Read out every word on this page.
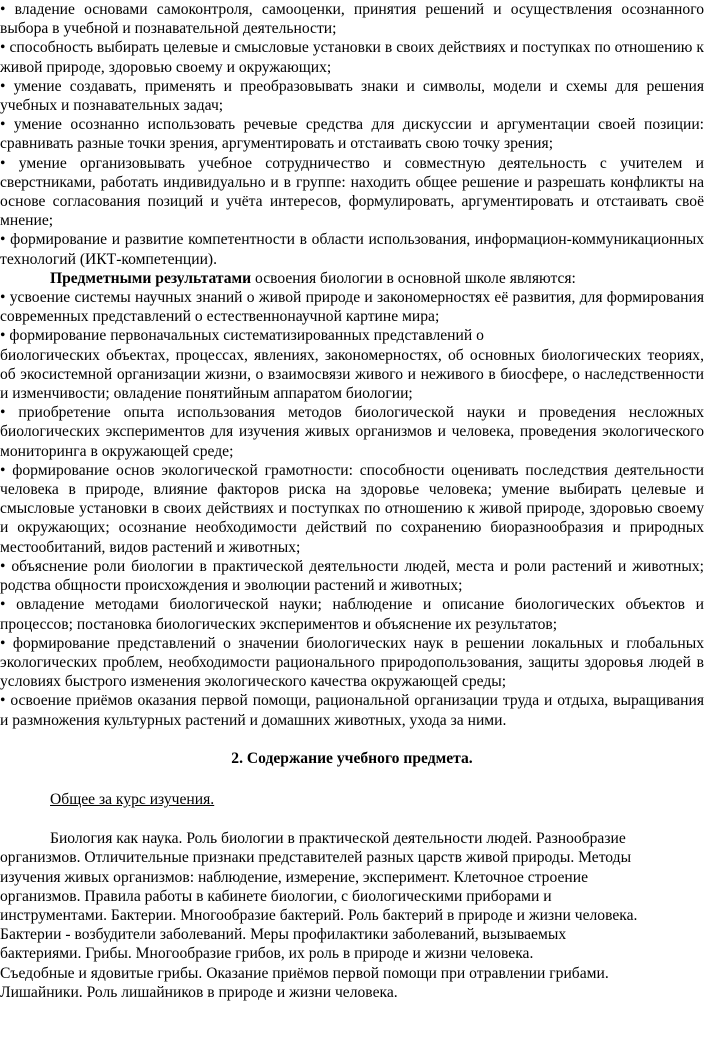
• владение основами самоконтроля, самооценки, принятия решений и осуществления осознанного выбора в учебной и познавательной деятельности;

• способность выбирать целевые и смысловые установки в своих действиях и поступках по отношению к живой природе, здоровью своему и окружающих;

• умение создавать, применять и преобразовывать знаки и символы, модели и схемы для решения учебных и познавательных задач;

• умение осознанно использовать речевые средства для дискуссии и аргументации своей позиции: сравнивать разные точки зрения, аргументировать и отстаивать свою точку зрения;

• умение организовывать учебное сотрудничество и совместную деятельность с учителем и сверстниками, работать индивидуально и в группе: находить общее решение и разрешать конфликты на основе согласования позиций и учёта интересов, формулировать, аргументировать и отстаивать своё мнение;

• формирование и развитие компетентности в области использования, информацион-коммуникационных технологий (ИКТ-компетенции).

Предметными результатами освоения биологии в основной школе являются:

• усвоение системы научных знаний о живой природе и закономерностях её развития, для формирования современных представлений о естественнонаучной картине мира;

• формирование первоначальных систематизированных представлений о

биологических объектах, процессах, явлениях, закономерностях, об основных биологических теориях, об экосистемной организации жизни, о взаимосвязи живого и неживого в биосфере, о наследственности и изменчивости; овладение понятийным аппаратом биологии;

• приобретение опыта использования методов биологической науки и проведения несложных биологических экспериментов для изучения живых организмов и человека, проведения экологического мониторинга в окружающей среде;

• формирование основ экологической грамотности: способности оценивать последствия деятельности человека в природе, влияние факторов риска на здоровье человека; умение выбирать целевые и смысловые установки в своих действиях и поступках по отношению к живой природе, здоровью своему и окружающих; осознание необходимости действий по сохранению биоразнообразия и природных местообитаний, видов растений и животных;

• объяснение роли биологии в практической деятельности людей, места и роли растений и животных; родства общности происхождения и эволюции растений и животных;

• овладение методами биологической науки; наблюдение и описание биологических объектов и процессов; постановка биологических экспериментов и объяснение их результатов;

• формирование представлений о значении биологических наук в решении локальных и глобальных экологических проблем, необходимости рационального природопользования, защиты здоровья людей в условиях быстрого изменения экологического качества окружающей среды;

• освоение приёмов оказания первой помощи, рациональной организации труда и отдыха, выращивания и размножения культурных растений и домашних животных, ухода за ними.

2. Содержание учебного предмета.

Общее за курс изучения.

Биология как наука. Роль биологии в практической деятельности людей. Разнообразие

организмов. Отличительные признаки представителей разных царств живой природы. Методы

изучения живых организмов: наблюдение, измерение, эксперимент. Клеточное строение

организмов. Правила работы в кабинете биологии, с биологическими приборами и

инструментами. Бактерии. Многообразие бактерий. Роль бактерий в природе и жизни человека.

Бактерии - возбудители заболеваний. Меры профилактики заболеваний, вызываемых

бактериями. Грибы. Многообразие грибов, их роль в природе и жизни человека.

Съедобные и ядовитые грибы. Оказание приёмов первой помощи при отравлении грибами.

Лишайники. Роль лишайников в природе и жизни человека.
